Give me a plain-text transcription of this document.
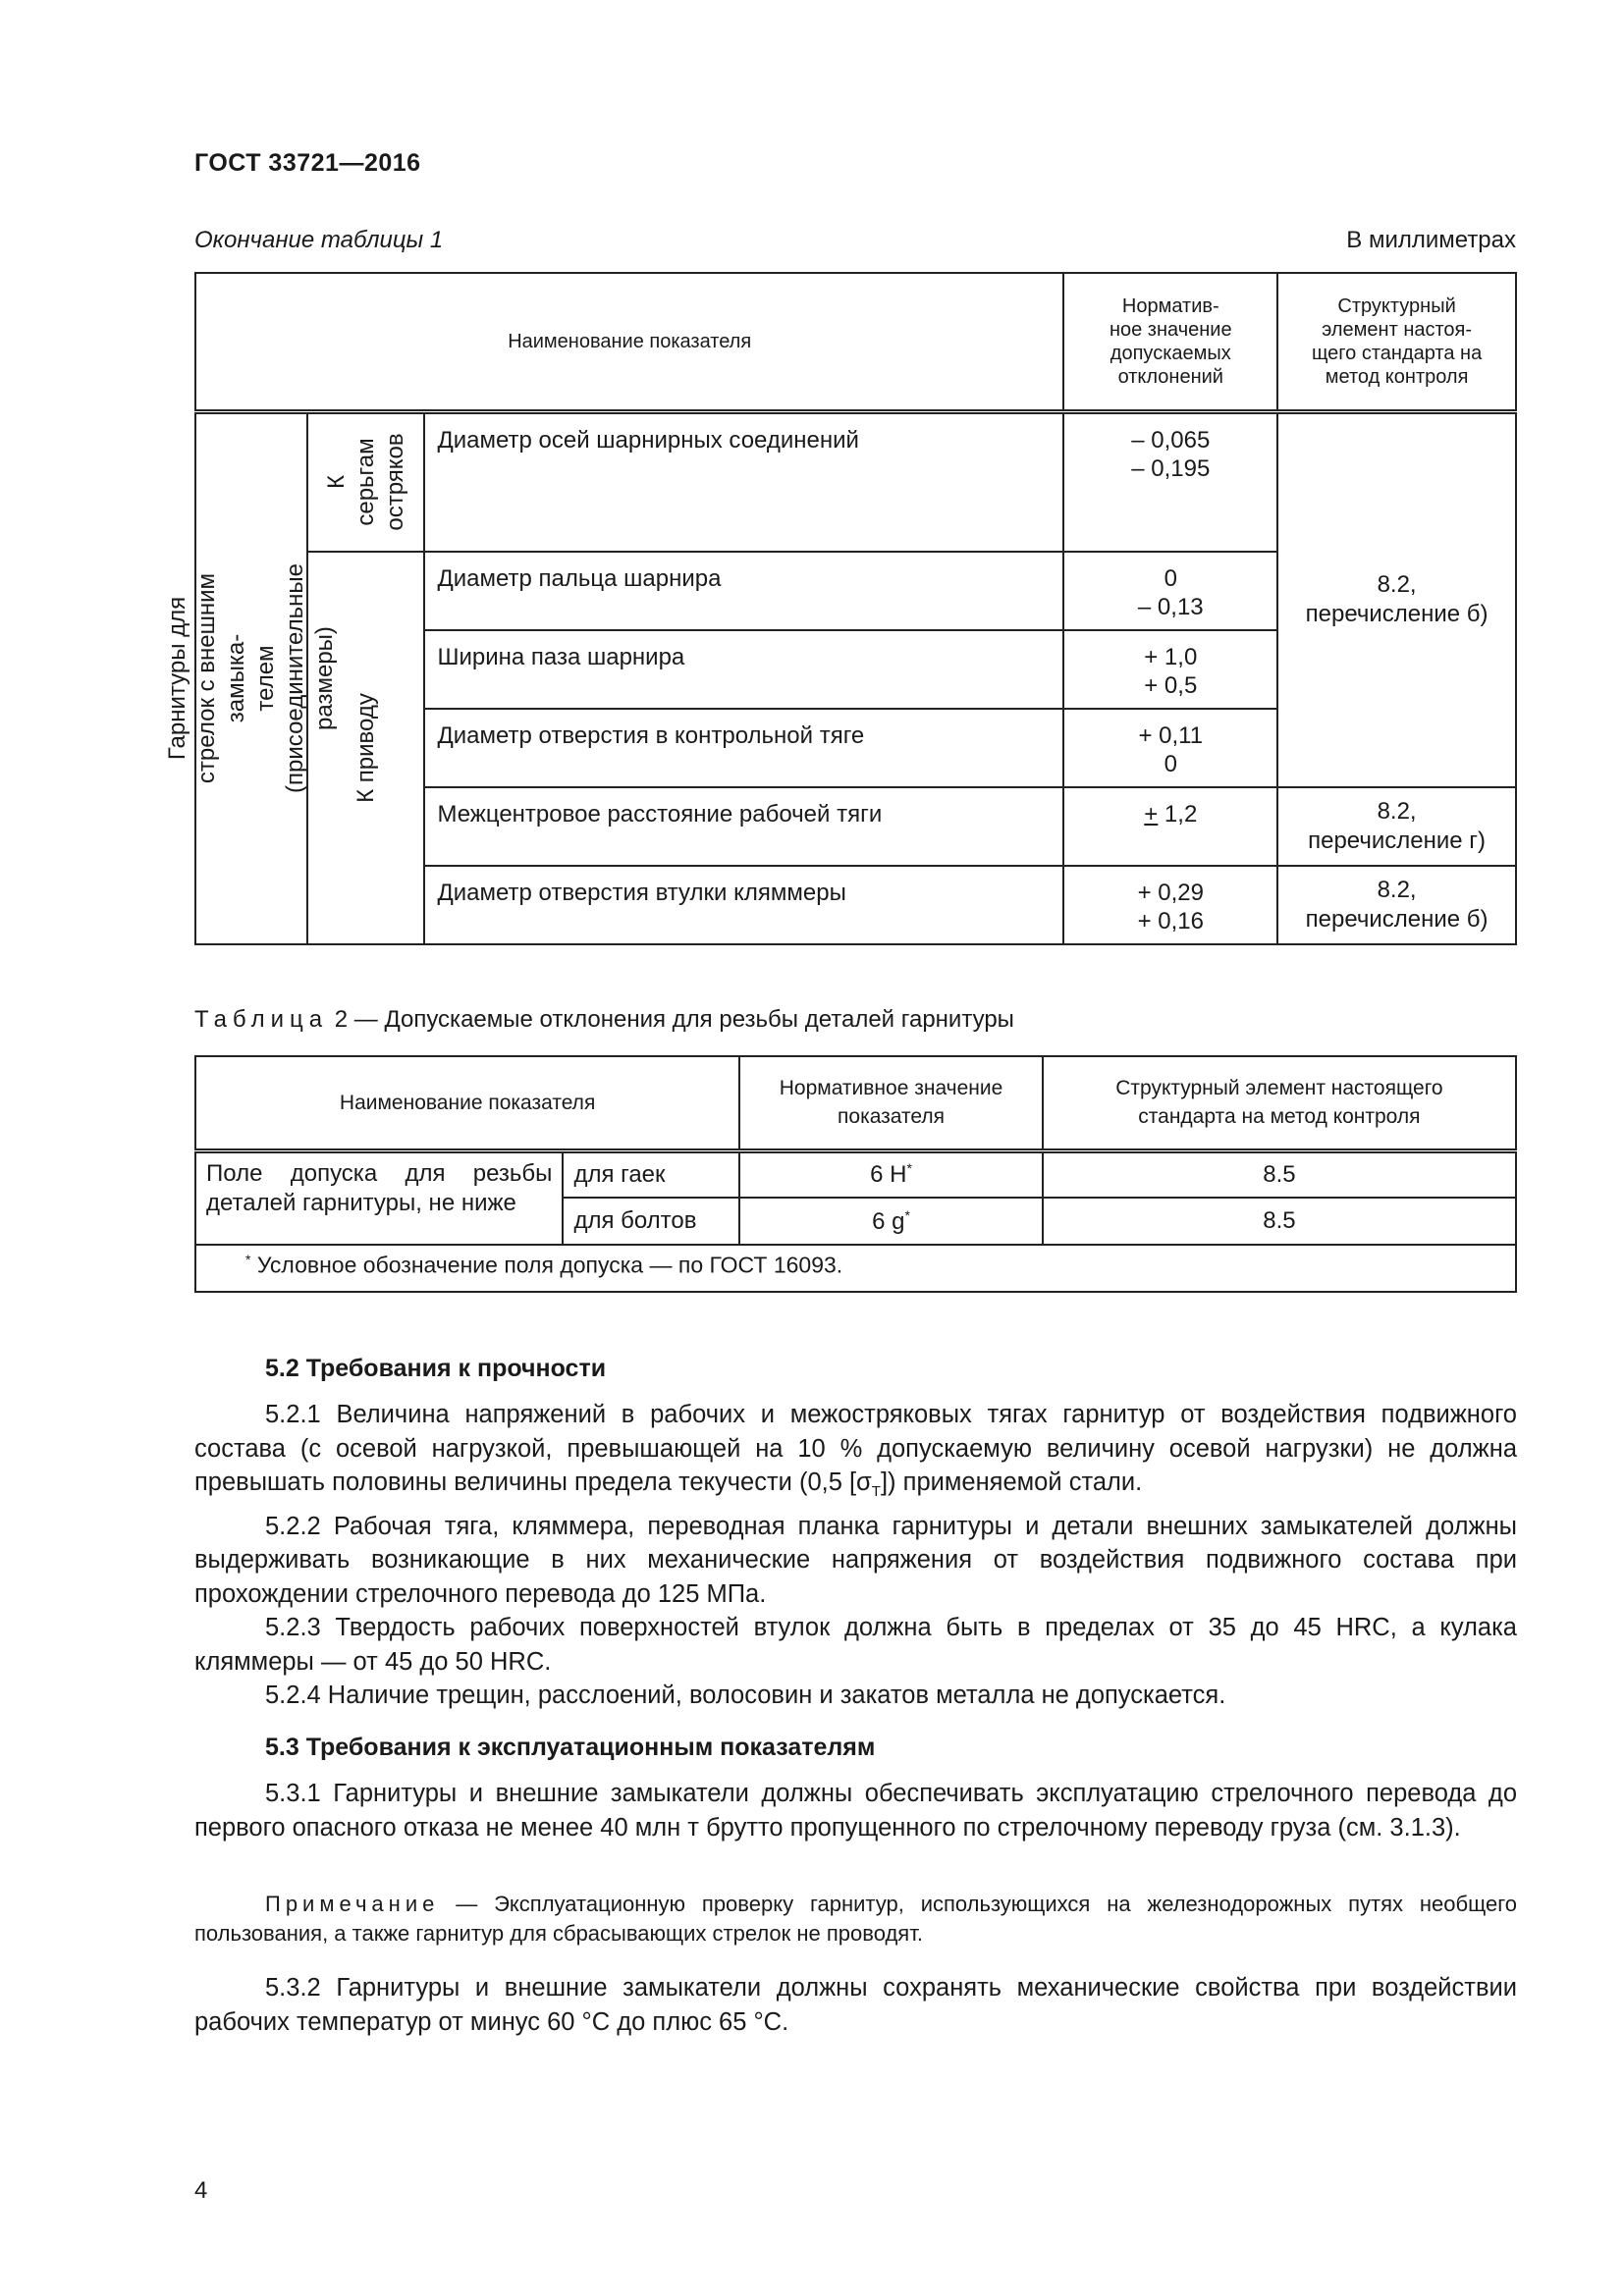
ГОСТ 33721—2016
Окончание таблицы 1	В миллиметрах
Наименование показателя			Норматив-
ное значение
допускаемых
отклонений	Структурный
элемент настоя-
щего стандарта на
метод контроля

Гарнитуры для стрелок с внешним замыка-
телем (присоединительные размеры)	К
серьгам
остряков	Диаметр осей шарнирных соединений	– 0,065
– 0,195	8.2,
перечисление б)

	К приводу	Диаметр пальца шарнира	0
– 0,13	
		Ширина паза шарнира	+ 1,0
+ 0,5	
		Диаметр отверстия в контрольной тяге	+ 0,11
0	
		Межцентровое расстояние рабочей тяги	+ 1,2	8.2,
перечисление г)
		Диаметр отверстия втулки кляммеры	+ 0,29
+ 0,16	8.2,
перечисление б)
Таблица 2 — Допускаемые отклонения для резьбы деталей гарнитуры
Наименование показателя		Нормативное значение
показателя	Структурный элемент настоящего
стандарта на метод контроля
Поле допуска для резьбы деталей гарнитуры, не ниже	для гаек	6 H*	8.5
	для болтов	6 g*	8.5
* Условное обозначение поля допуска — по ГОСТ 16093.			
5.2 Требования к прочности

5.2.1 Величина напряжений в рабочих и межостряковых тягах гарнитур от воздействия подвижного состава (с осевой нагрузкой, превышающей на 10 % допускаемую величину осевой нагрузки) не должна превышать половины величины предела текучести (0,5 $[\sigma_Т]$) применяемой стали.

5.2.2 Рабочая тяга, кляммера, переводная планка гарнитуры и детали внешних замыкателей должны выдерживать возникающие в них механические напряжения от воздействия подвижного состава при прохождении стрелочного перевода до 125 МПа.

5.2.3 Твердость рабочих поверхностей втулок должна быть в пределах от 35 до 45 HRC, а кулака кляммеры — от 45 до 50 HRC.

5.2.4 Наличие трещин, расслоений, волосовин и закатов металла не допускается.

5.3 Требования к эксплуатационным показателям

5.3.1 Гарнитуры и внешние замыкатели должны обеспечивать эксплуатацию стрелочного перевода до первого опасного отказа не менее 40 млн т брутто пропущенного по стрелочному переводу груза (см. 3.1.3).

Примечание — Эксплуатационную проверку гарнитур, использующихся на железнодорожных путях необщего пользования, а также гарнитур для сбрасывающих стрелок не проводят.

5.3.2 Гарнитуры и внешние замыкатели должны сохранять механические свойства при воздействии рабочих температур от минус 60 °С до плюс 65 °С.

4
